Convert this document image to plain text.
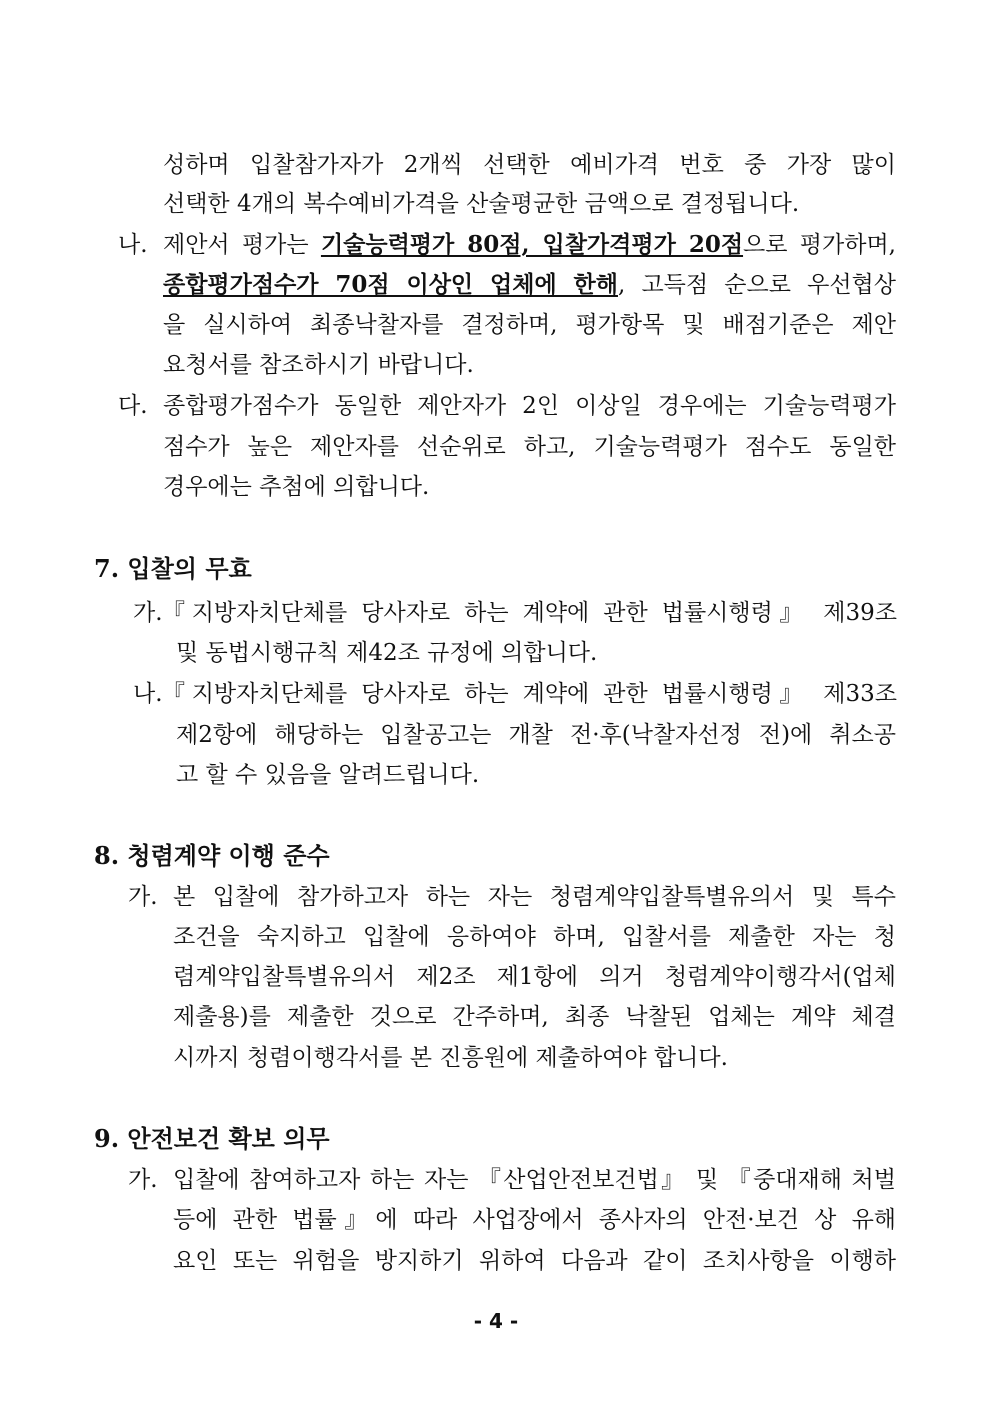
성하며 입찰참가자가 2개씩 선택한 예비가격 번호 중 가장 많이
선택한 4개의 복수예비가격을 산술평균한 금액으로 결정됩니다.
나. 제안서 평가는 기술능력평가 80점, 입찰가격평가 20점으로 평가하며,
종합평가점수가 70점 이상인 업체에 한해, 고득점 순으로 우선협상
을 실시하여 최종낙찰자를 결정하며, 평가항목 및 배점기준은 제안
요청서를 참조하시기 바랍니다.
다. 종합평가점수가 동일한 제안자가 2인 이상일 경우에는 기술능력평가
점수가 높은 제안자를 선순위로 하고, 기술능력평가 점수도 동일한
경우에는 추첨에 의합니다.
7. 입찰의 무효
가. 『지방자치단체를 당사자로 하는 계약에 관한 법률시행령』 제39조
및 동법시행규칙 제42조 규정에 의합니다.
나. 『지방자치단체를 당사자로 하는 계약에 관한 법률시행령』 제33조
제2항에 해당하는 입찰공고는 개찰 전·후(낙찰자선정 전)에 취소공
고 할 수 있음을 알려드립니다.
8. 청렴계약 이행 준수
가. 본 입찰에 참가하고자 하는 자는 청렴계약입찰특별유의서 및 특수
조건을 숙지하고 입찰에 응하여야 하며, 입찰서를 제출한 자는 청
렴계약입찰특별유의서 제2조 제1항에 의거 청렴계약이행각서(업체
제출용)를 제출한 것으로 간주하며, 최종 낙찰된 업체는 계약 체결
시까지 청렴이행각서를 본 진흥원에 제출하여야 합니다.
9. 안전보건 확보 의무
가. 입찰에 참여하고자 하는 자는 『산업안전보건법』 및 『중대재해 처벌
등에 관한 법률』에 따라 사업장에서 종사자의 안전·보건 상 유해
요인 또는 위험을 방지하기 위하여 다음과 같이 조치사항을 이행하
- 4 -
